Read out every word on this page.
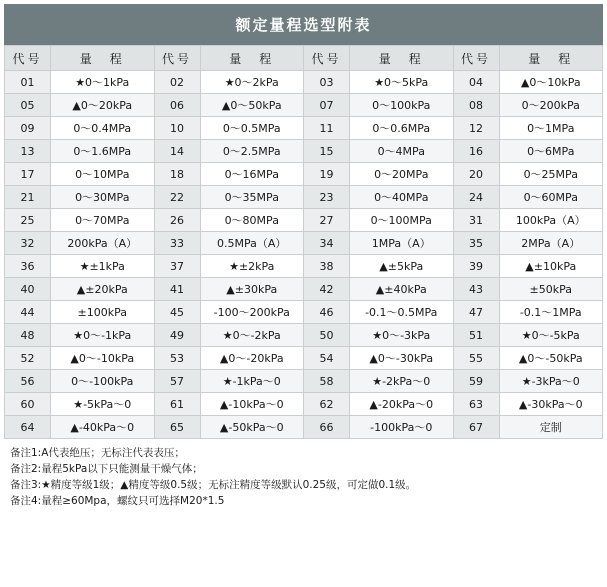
额定量程选型附表
代号	量　程	代号	量　程	代号	量　程	代号	量　程
01	★0～1kPa	02	★0～2kPa	03	★0～5kPa	04	▲0～10kPa
05	▲0～20kPa	06	▲0～50kPa	07	0～100kPa	08	0～200kPa
09	0～0.4MPa	10	0～0.5MPa	11	0～0.6MPa	12	0～1MPa
13	0～1.6MPa	14	0～2.5MPa	15	0～4MPa	16	0～6MPa
17	0～10MPa	18	0～16MPa	19	0～20MPa	20	0～25MPa
21	0～30MPa	22	0～35MPa	23	0～40MPa	24	0～60MPa
25	0～70MPa	26	0～80MPa	27	0～100MPa	31	100kPa（A）
32	200kPa（A）	33	0.5MPa（A）	34	1MPa（A）	35	2MPa（A）
36	★±1kPa	37	★±2kPa	38	▲±5kPa	39	▲±10kPa
40	▲±20kPa	41	▲±30kPa	42	▲±40kPa	43	±50kPa
44	±100kPa	45	-100～200kPa	46	-0.1～0.5MPa	47	-0.1～1MPa
48	★0～-1kPa	49	★0～-2kPa	50	★0～-3kPa	51	★0～-5kPa
52	▲0～-10kPa	53	▲0～-20kPa	54	▲0～-30kPa	55	▲0～-50kPa
56	0～-100kPa	57	★-1kPa～0	58	★-2kPa～0	59	★-3kPa～0
60	★-5kPa～0	61	▲-10kPa～0	62	▲-20kPa～0	63	▲-30kPa～0
64	▲-40kPa～0	65	▲-50kPa～0	66	-100kPa～0	67	定制
备注1:A代表绝压；无标注代表表压；
备注2:量程5kPa以下只能测量干燥气体；
备注3:★精度等级1级；▲精度等级0.5级；无标注精度等级默认0.25级，可定做0.1级。
备注4:量程≥60Mpa，螺纹只可选择M20*1.5
